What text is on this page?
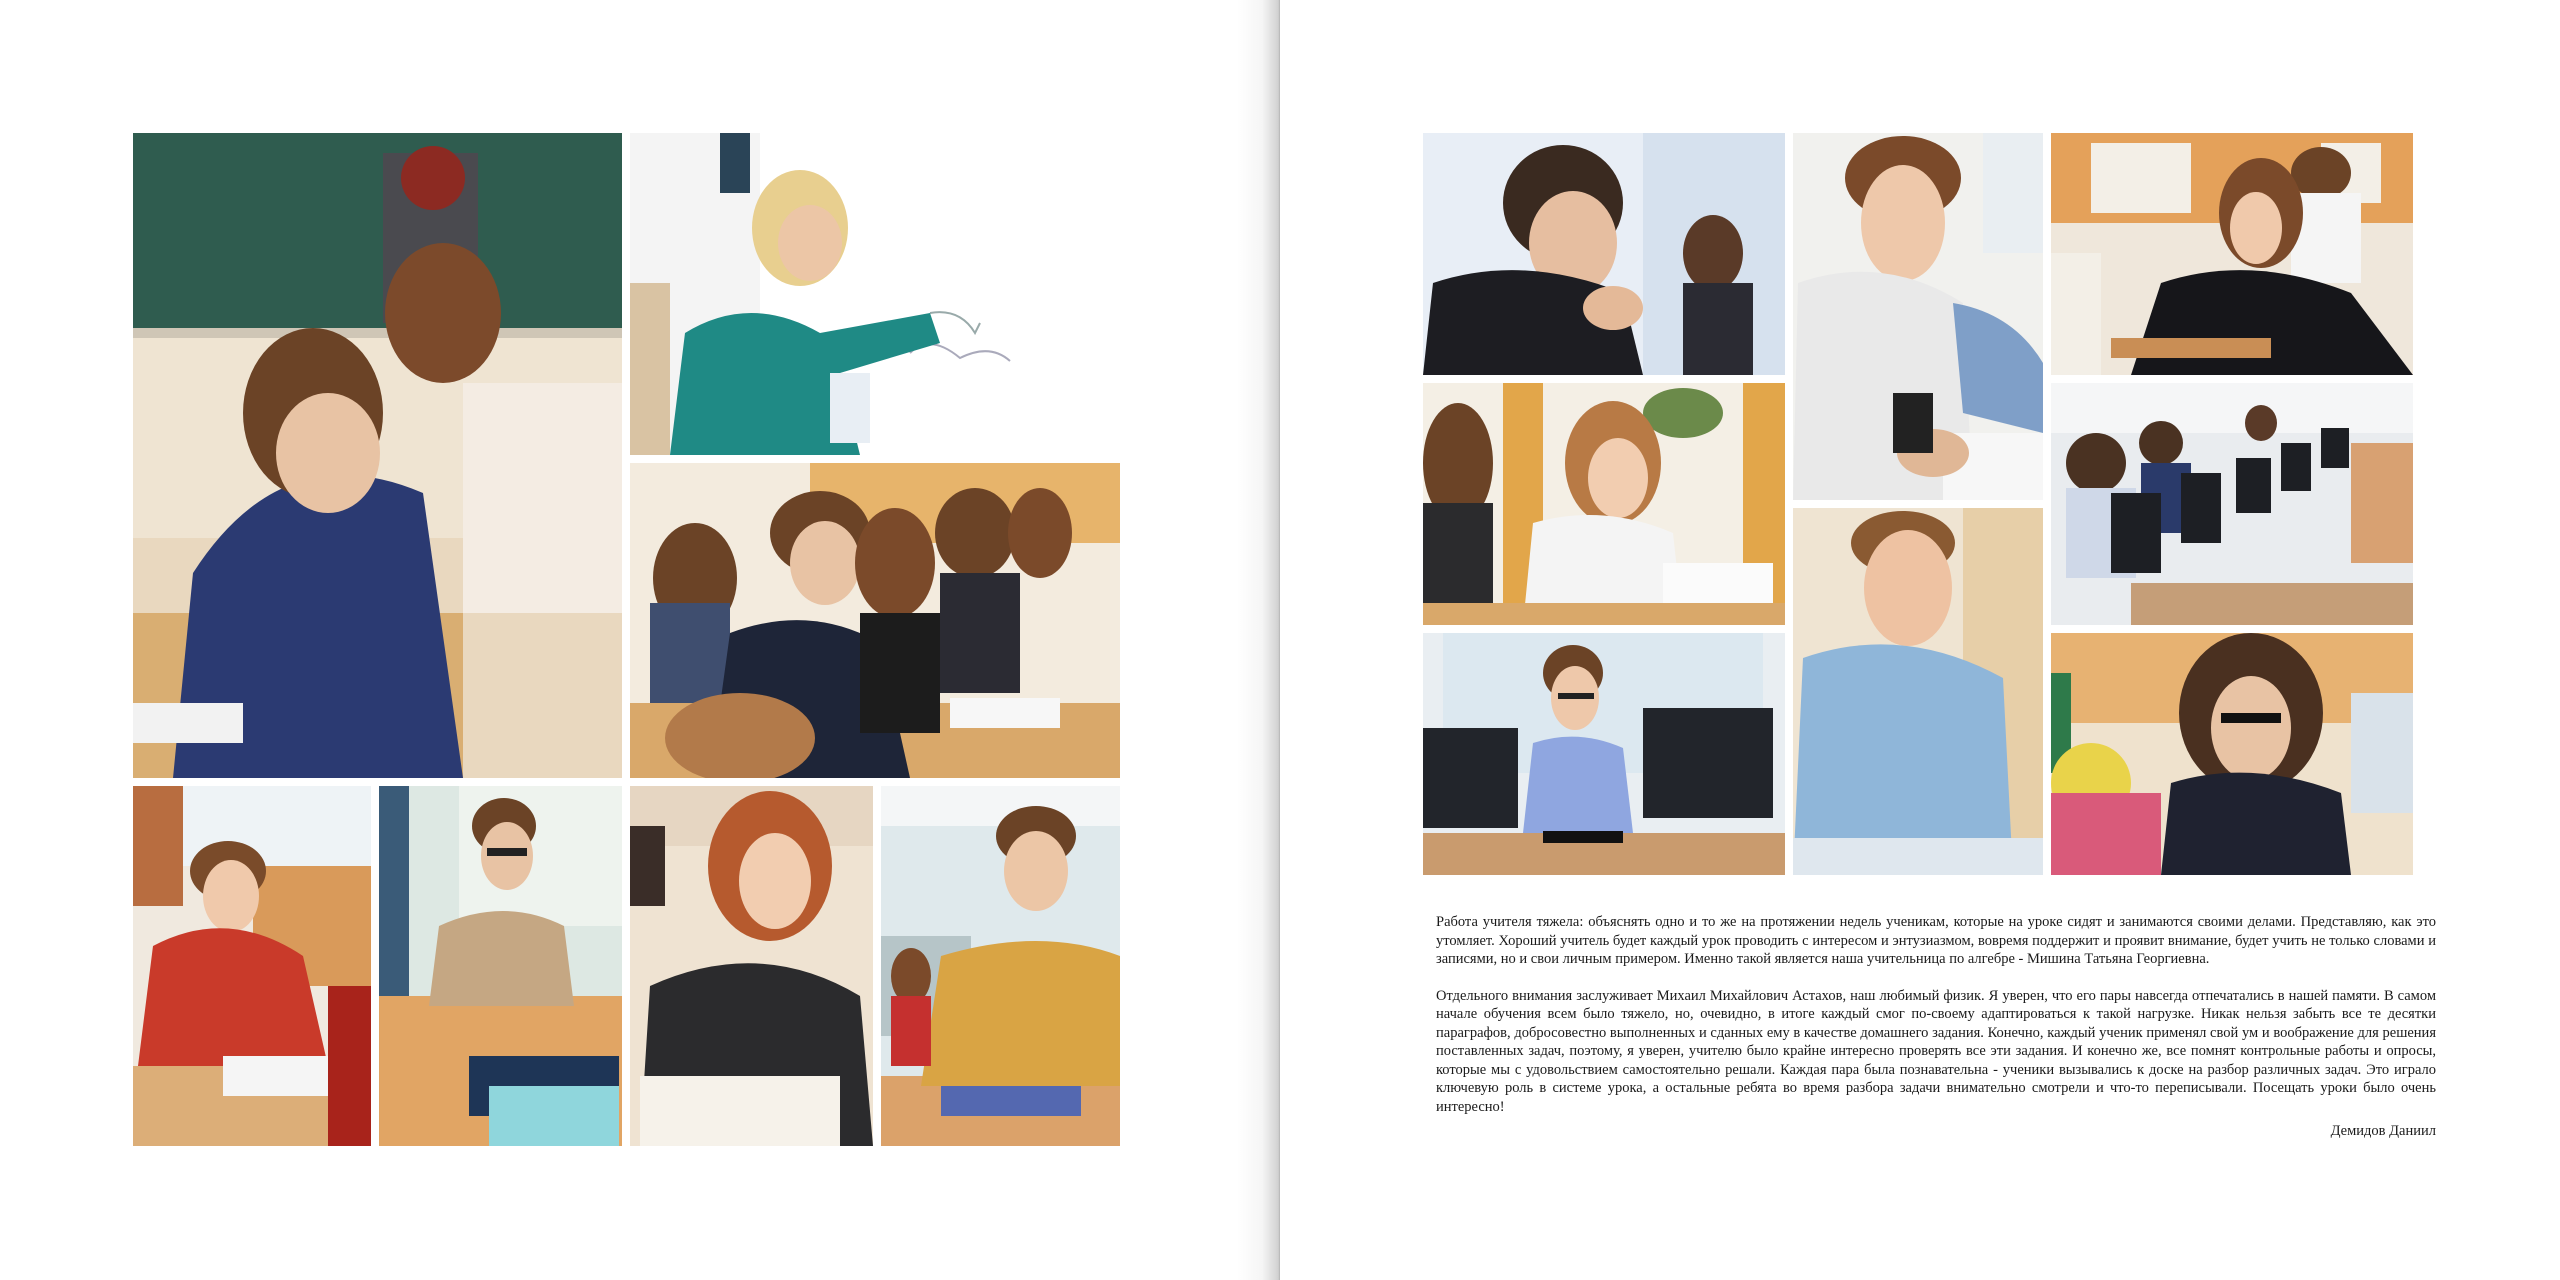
Работа учителя тяжела: объяснять одно и то же на протяжении недель ученикам, которые на уроке сидят и занимаются своими делами. Представляю, как это утомляет. Хороший учитель будет каждый урок проводить с интересом и энтузиазмом, вовремя поддержит и проявит внимание, будет учить не только словами и записями, но и свои личным примером. Именно такой является наша учительница по алгебре - Мишина Татьяна Георгиевна.

Отдельного внимания заслуживает Михаил Михайлович Астахов, наш любимый физик. Я уверен, что его пары навсегда отпечатались в нашей памяти. В самом начале обучения всем было тяжело, но, очевидно, в итоге каждый смог по-своему адаптироваться к такой нагрузке. Никак нельзя забыть все те десятки параграфов, добросовестно выполненных и сданных ему в качестве домашнего задания. Конечно, каждый ученик применял свой ум и воображение для решения поставленных задач, поэтому, я уверен, учителю было крайне интересно проверять все эти задания. И конечно же, все помнят контрольные работы и опросы, которые мы с удовольствием самостоятельно решали. Каждая пара была познавательна - ученики вызывались к доске на разбор различных задач. Это играло ключевую роль в системе урока, а остальные ребята во время разбора задачи внимательно смотрели и что-то переписывали. Посещать уроки было очень интересно!

Демидов Даниил
